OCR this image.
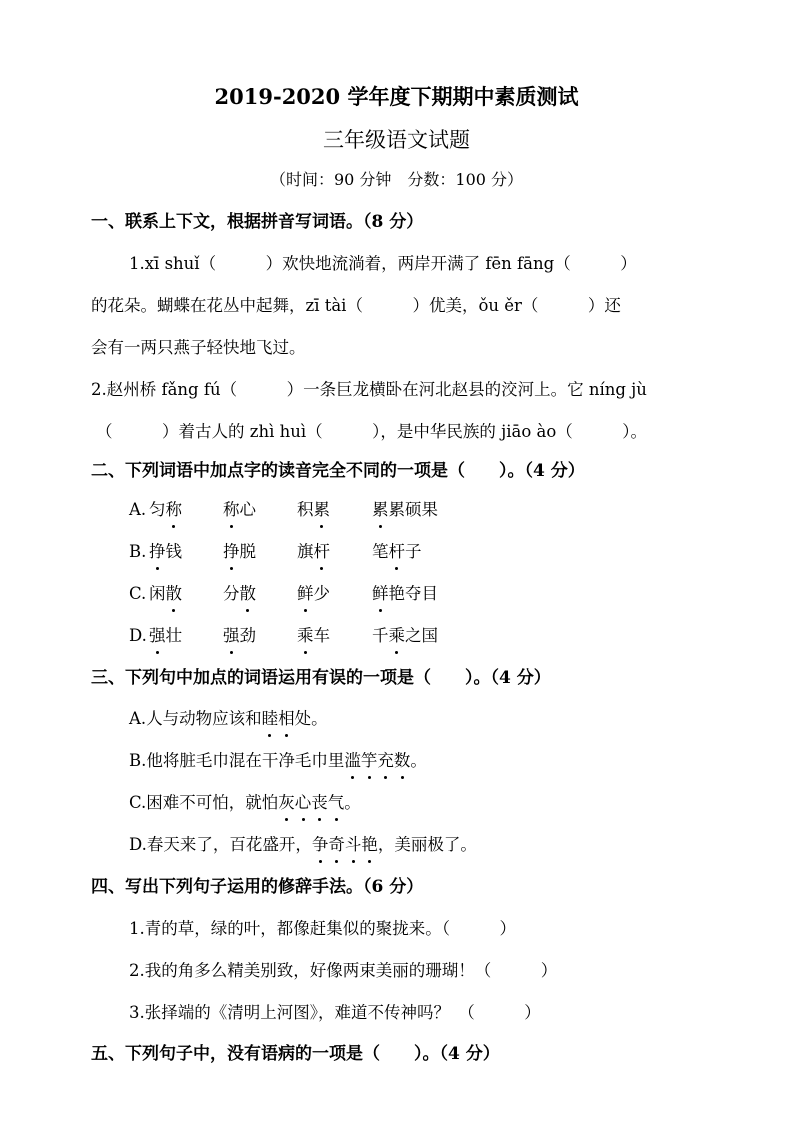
2019-2020 学年度下期期中素质测试
三年级语文试题
（时间：90 分钟　分数：100 分）
一、联系上下文，根据拼音写词语。（8 分）
1.xī shuǐ（　　　）欢快地流淌着，两岸开满了 fēn fāng（　　　）
的花朵。蝴蝶在花丛中起舞，zī tài（　　　）优美，ǒu ěr（　　　）还
会有一两只燕子轻快地飞过。
2.赵州桥 fǎng fú（　　　）一条巨龙横卧在河北赵县的洨河上。它 níng jù
（　　　）着古人的 zhì huì（　　　），是中华民族的 jiāo ào（　　　）。
二、下列词语中加点字的读音完全不同的一项是（　　）。（4 分）
A. 匀称 称心 积累	累累硕果
B. 挣钱 挣脱 旗杆	笔杆子
C. 闲散 分散 鲜少	鲜艳夺目
D. 强壮 强劲 乘车	千乘之国
三、下列句中加点的词语运用有误的一项是（　　）。（4 分）
A.人与动物应该和睦相处。
B.他将脏毛巾混在干净毛巾里滥竽充数。
C.困难不可怕，就怕灰心丧气。
D.春天来了，百花盛开，争奇斗艳，美丽极了。
四、写出下列句子运用的修辞手法。（6 分）
1.青的草，绿的叶，都像赶集似的聚拢来。（　　　）
2.我的角多么精美别致，好像两束美丽的珊瑚！（　　　）
3.张择端的《清明上河图》，难道不传神吗？　（　　　）
五、下列句子中，没有语病的一项是（　　）。（4 分）
